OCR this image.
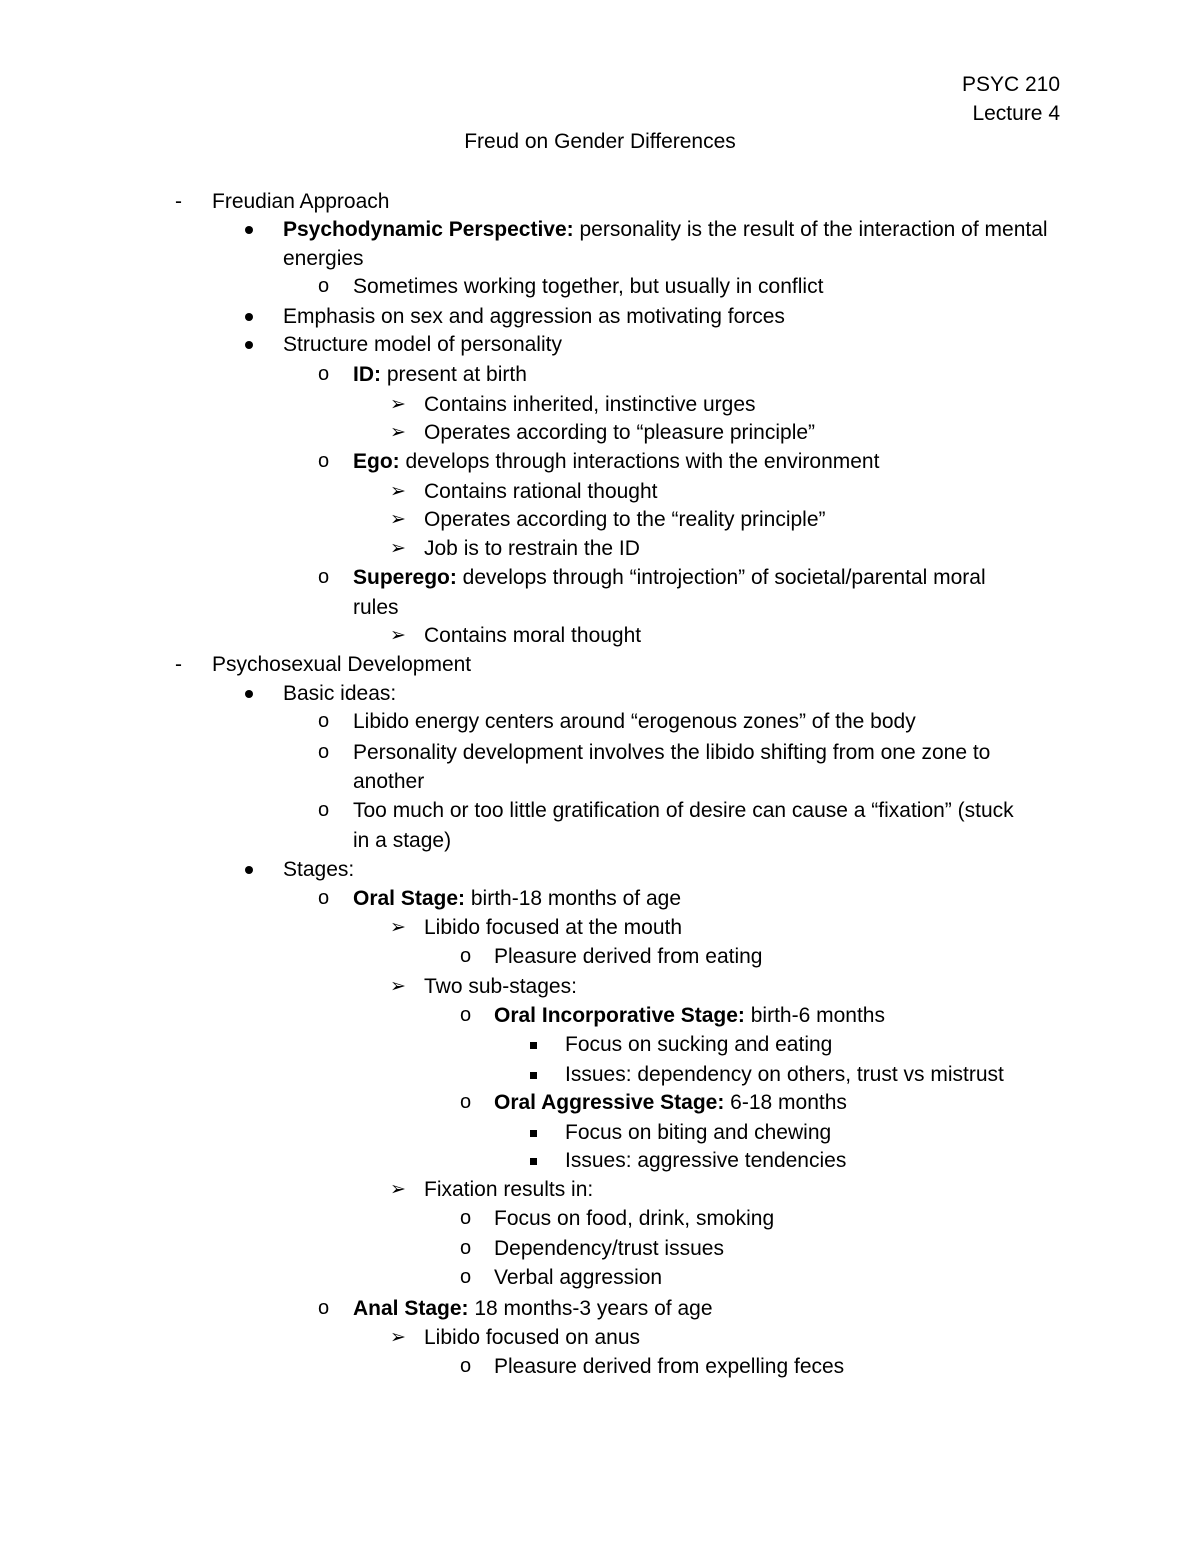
PSYC 210
Lecture 4
Freud on Gender Differences
- Freudian Approach
Psychodynamic Perspective: personality is the result of the interaction of mental
energies
o Sometimes working together, but usually in conflict
Emphasis on sex and aggression as motivating forces
Structure model of personality
o ID: present at birth
➢ Contains inherited, instinctive urges
➢ Operates according to “pleasure principle”
o Ego: develops through interactions with the environment
➢ Contains rational thought
➢ Operates according to the “reality principle”
➢ Job is to restrain the ID
o Superego: develops through “introjection” of societal/parental moral
rules
➢ Contains moral thought
- Psychosexual Development
Basic ideas:
o Libido energy centers around “erogenous zones” of the body
o Personality development involves the libido shifting from one zone to
another
o Too much or too little gratification of desire can cause a “fixation” (stuck
in a stage)
Stages:
o Oral Stage: birth-18 months of age
➢ Libido focused at the mouth
o Pleasure derived from eating
➢ Two sub-stages:
o Oral Incorporative Stage: birth-6 months
Focus on sucking and eating
Issues: dependency on others, trust vs mistrust
o Oral Aggressive Stage: 6-18 months
Focus on biting and chewing
Issues: aggressive tendencies
➢ Fixation results in:
o Focus on food, drink, smoking
o Dependency/trust issues
o Verbal aggression
o Anal Stage: 18 months-3 years of age
➢ Libido focused on anus
o Pleasure derived from expelling feces
